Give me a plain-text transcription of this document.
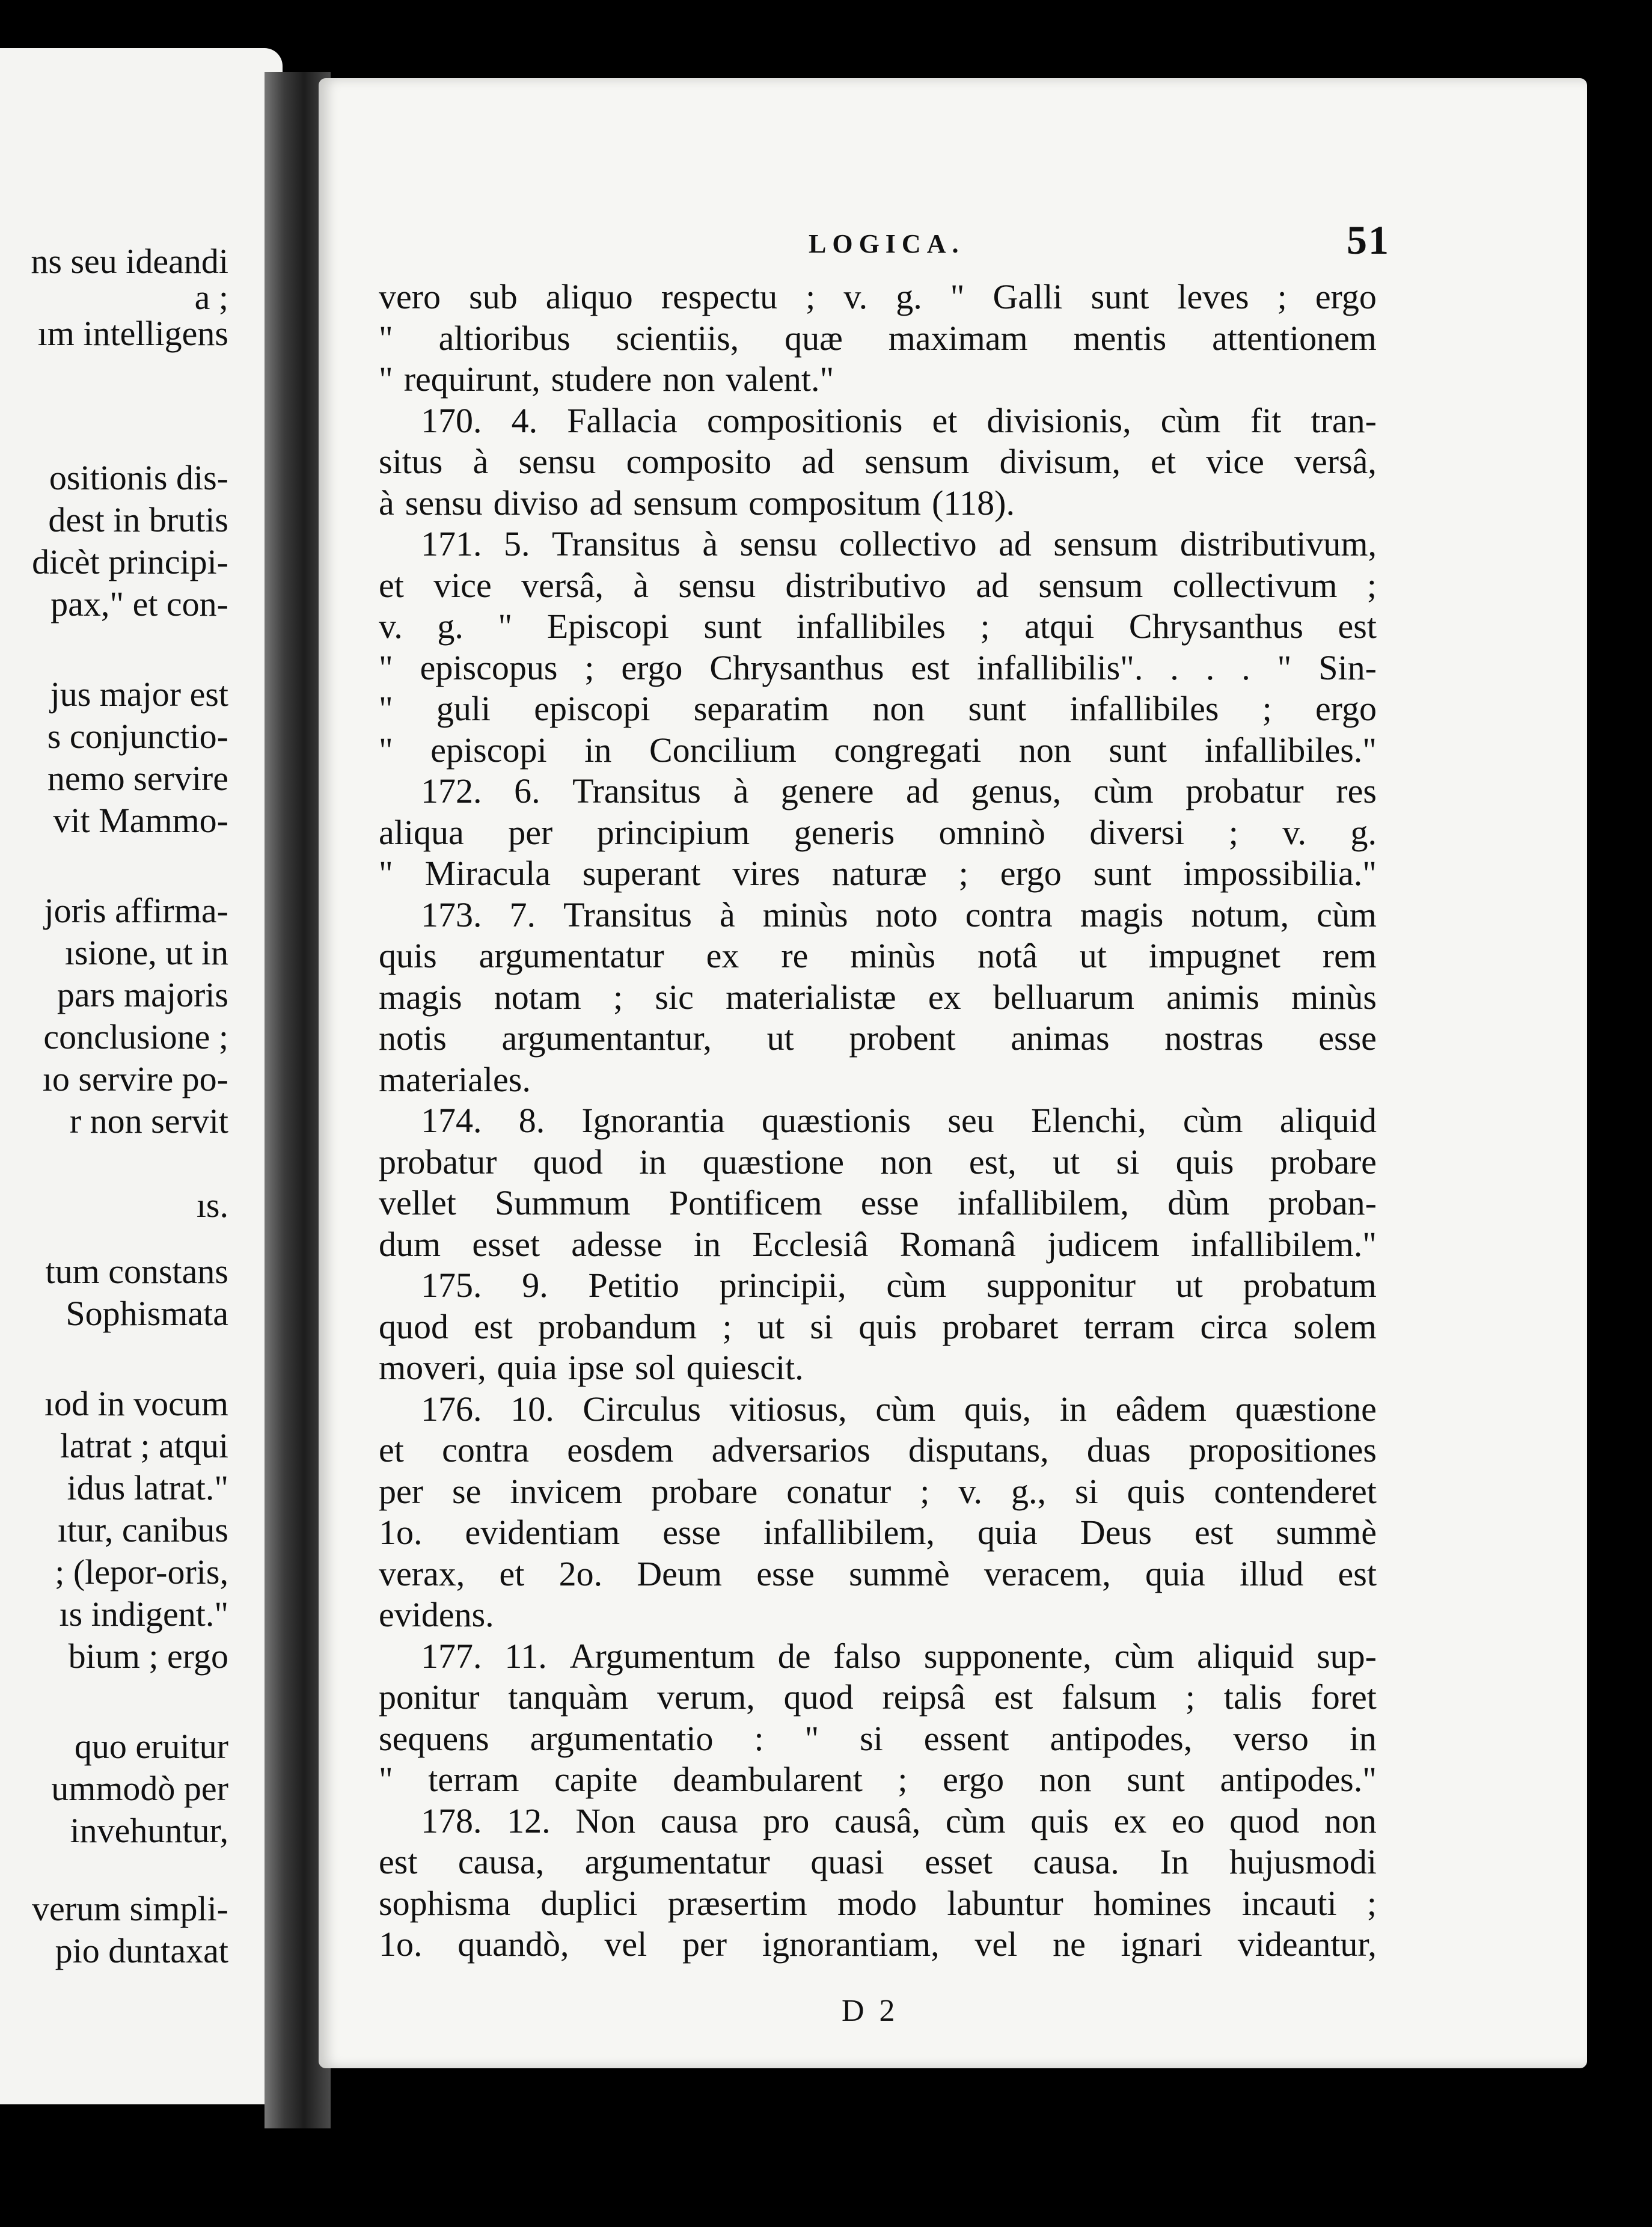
ns seu ideandi
a ;
ım intelligens
ositionis dis-
dest in brutis
dicèt principi-
pax," et con-
jus major est
s conjunctio-
nemo servire
vit Mammo-
joris affirma-
ısione, ut in
pars majoris
conclusione ;
ıo servire po-
r non servit
ıs.
tum constans
Sophismata
ıod in vocum
latrat ; atqui
idus latrat."
ıtur, canibus
; (lepor-oris,
ıs indigent."
bium ; ergo
quo eruitur
ummodò per
invehuntur,
verum simpli-
pio duntaxat
LOGICA.	51
vero sub aliquo respectu ; v. g. " Galli sunt leves ; ergo
" altioribus scientiis, quæ maximam mentis attentionem
" requirunt, studere non valent."
170. 4. Fallacia compositionis et divisionis, cùm fit tran-
situs à sensu composito ad sensum divisum, et vice versâ,
à sensu diviso ad sensum compositum (118).
171. 5. Transitus à sensu collectivo ad sensum distributivum,
et vice versâ, à sensu distributivo ad sensum collectivum ;
v. g. " Episcopi sunt infallibiles ; atqui Chrysanthus est
" episcopus ; ergo Chrysanthus est infallibilis". . . . " Sin-
" guli episcopi separatim non sunt infallibiles ; ergo
" episcopi in Concilium congregati non sunt infallibiles."
172. 6. Transitus à genere ad genus, cùm probatur res
aliqua per principium generis omninò diversi ; v. g.
" Miracula superant vires naturæ ; ergo sunt impossibilia."
173. 7. Transitus à minùs noto contra magis notum, cùm
quis argumentatur ex re minùs notâ ut impugnet rem
magis notam ; sic materialistæ ex belluarum animis minùs
notis argumentantur, ut probent animas nostras esse
materiales.
174. 8. Ignorantia quæstionis seu Elenchi, cùm aliquid
probatur quod in quæstione non est, ut si quis probare
vellet Summum Pontificem esse infallibilem, dùm proban-
dum esset adesse in Ecclesiâ Romanâ judicem infallibilem."
175. 9. Petitio principii, cùm supponitur ut probatum
quod est probandum ; ut si quis probaret terram circa solem
moveri, quia ipse sol quiescit.
176. 10. Circulus vitiosus, cùm quis, in eâdem quæstione
et contra eosdem adversarios disputans, duas propositiones
per se invicem probare conatur ; v. g., si quis contenderet
1o. evidentiam esse infallibilem, quia Deus est summè
verax, et 2o. Deum esse summè veracem, quia illud est
evidens.
177. 11. Argumentum de falso supponente, cùm aliquid sup-
ponitur tanquàm verum, quod reipsâ est falsum ; talis foret
sequens argumentatio : " si essent antipodes, verso in
" terram capite deambularent ; ergo non sunt antipodes."
178. 12. Non causa pro causâ, cùm quis ex eo quod non
est causa, argumentatur quasi esset causa. In hujusmodi
sophisma duplici præsertim modo labuntur homines incauti ;
1o. quandò, vel per ignorantiam, vel ne ignari videantur,
D 2
